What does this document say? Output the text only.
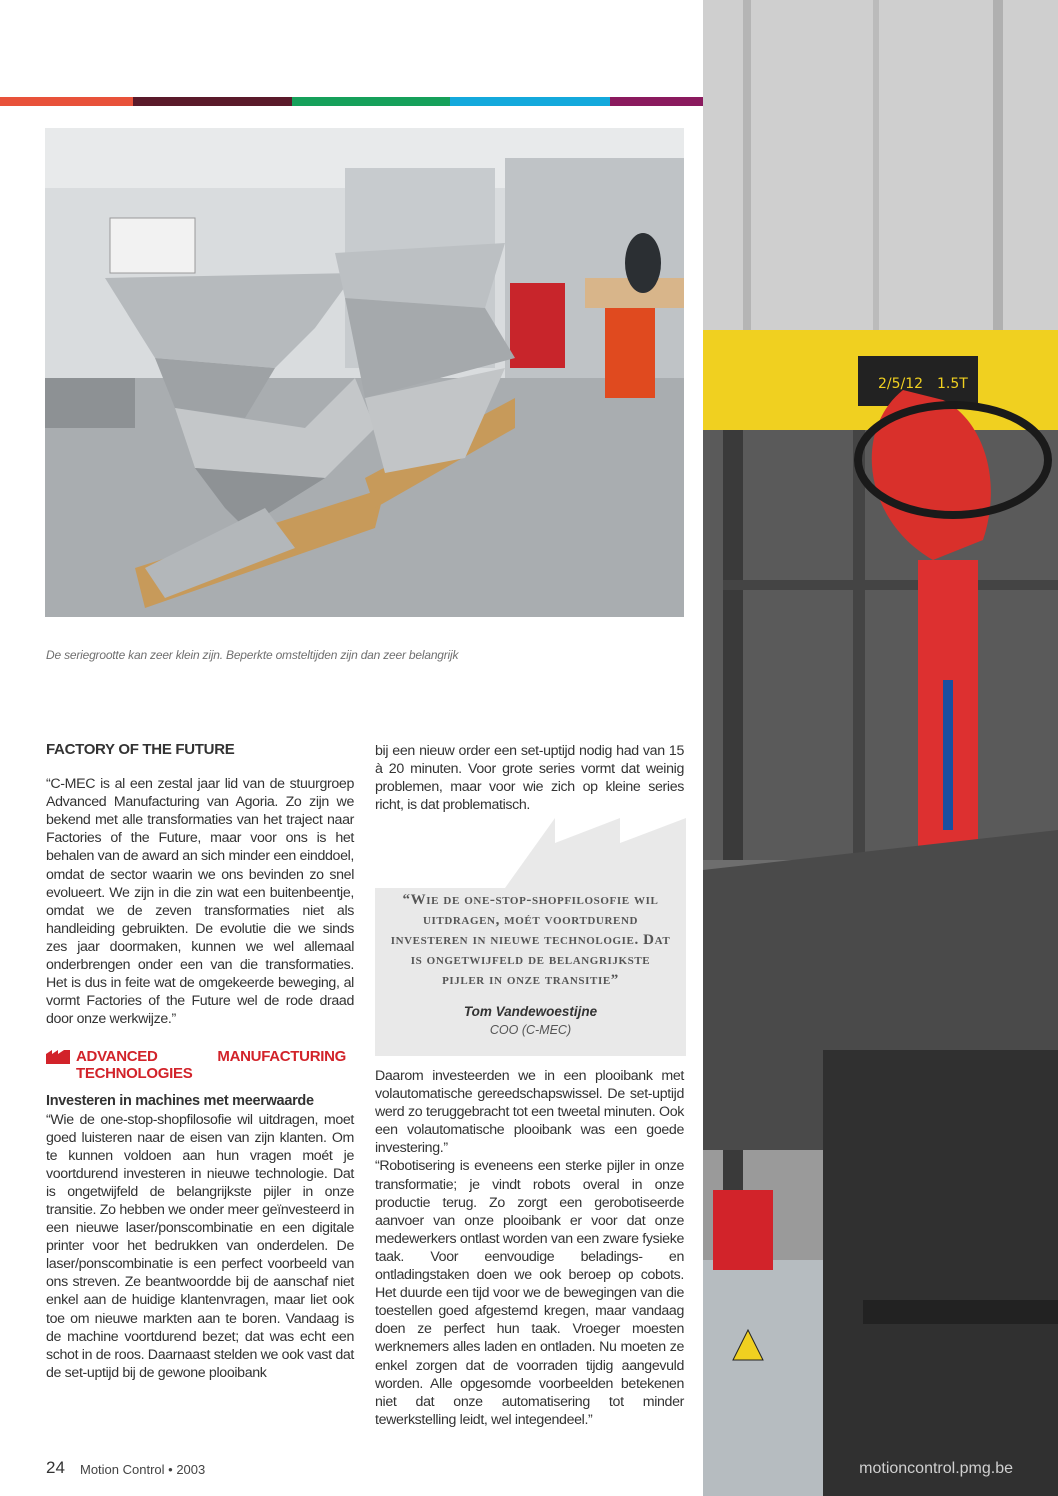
De seriegrootte kan zeer klein zijn. Beperkte omsteltijden zijn dan zeer belangrijk
2/5/12 1.5T

FACTORY OF THE FUTURE

“C-MEC is al een zestal jaar lid van de stuurgroep Advanced Manufacturing van Agoria. Zo zijn we bekend met alle transformaties van het traject naar Factories of the Future, maar voor ons is het behalen van de award an sich minder een einddoel, omdat de sector waarin we ons bevinden zo snel evolueert. We zijn in die zin wat een buitenbeentje, omdat we de zeven transformaties niet als handleiding gebruikten. De evolutie die we sinds zes jaar doormaken, kunnen we wel allemaal onderbrengen onder een van die transformaties. Het is dus in feite wat de omgekeerde beweging, al vormt Factories of the Future wel de rode draad door onze werkwijze.”

ADVANCED MANUFACTURING TECHNOLOGIES

Investeren in machines met meerwaarde

“Wie de one-stop-shopfilosofie wil uitdragen, moet goed luisteren naar de eisen van zijn klanten. Om te kunnen voldoen aan hun vragen moét je voortdurend investeren in nieuwe technologie. Dat is ongetwijfeld de belangrijkste pijler in onze transitie. Zo hebben we onder meer geïnvesteerd in een nieuwe laser/ponscombinatie en een digitale printer voor het bedrukken van onderdelen. De laser/ponscombinatie is een perfect voorbeeld van ons streven. Ze beantwoordde bij de aanschaf niet enkel aan de huidige klantenvragen, maar liet ook toe om nieuwe markten aan te boren. Vandaag is de machine voortdurend bezet; dat was echt een schot in de roos. Daarnaast stelden we ook vast dat de set-uptijd bij de gewone plooibank

bij een nieuw order een set-uptijd nodig had van 15 à 20 minuten. Voor grote series vormt dat weinig problemen, maar voor wie zich op kleine series richt, is dat problematisch.

“Wie de one-stop-shopfilosofie wil uitdragen, moét voortdurend investeren in nieuwe technologie. Dat is ongetwijfeld de belangrijkste pijler in onze transitie”
Tom Vandewoestijne
COO (C-MEC)

Daarom investeerden we in een plooibank met volautomatische gereedschapswissel. De set-uptijd werd zo teruggebracht tot een tweetal minuten. Ook een volautomatische plooibank was een goede investering.”

“Robotisering is eveneens een sterke pijler in onze transformatie; je vindt robots overal in onze productie terug. Zo zorgt een gerobotiseerde aanvoer van onze plooibank er voor dat onze medewerkers ontlast worden van een zware fysieke taak. Voor eenvoudige beladings- en ontladingstaken doen we ook beroep op cobots. Het duurde een tijd voor we de bewegingen van die toestellen goed afgestemd kregen, maar vandaag doen ze perfect hun taak. Vroeger moesten werknemers alles laden en ontladen. Nu moeten ze enkel zorgen dat de voorraden tijdig aangevuld worden. Alle opgesomde voorbeelden betekenen niet dat onze automatisering tot minder tewerkstelling leidt, wel integendeel.”

24 Motion Control • 2003	motioncontrol.pmg.be
